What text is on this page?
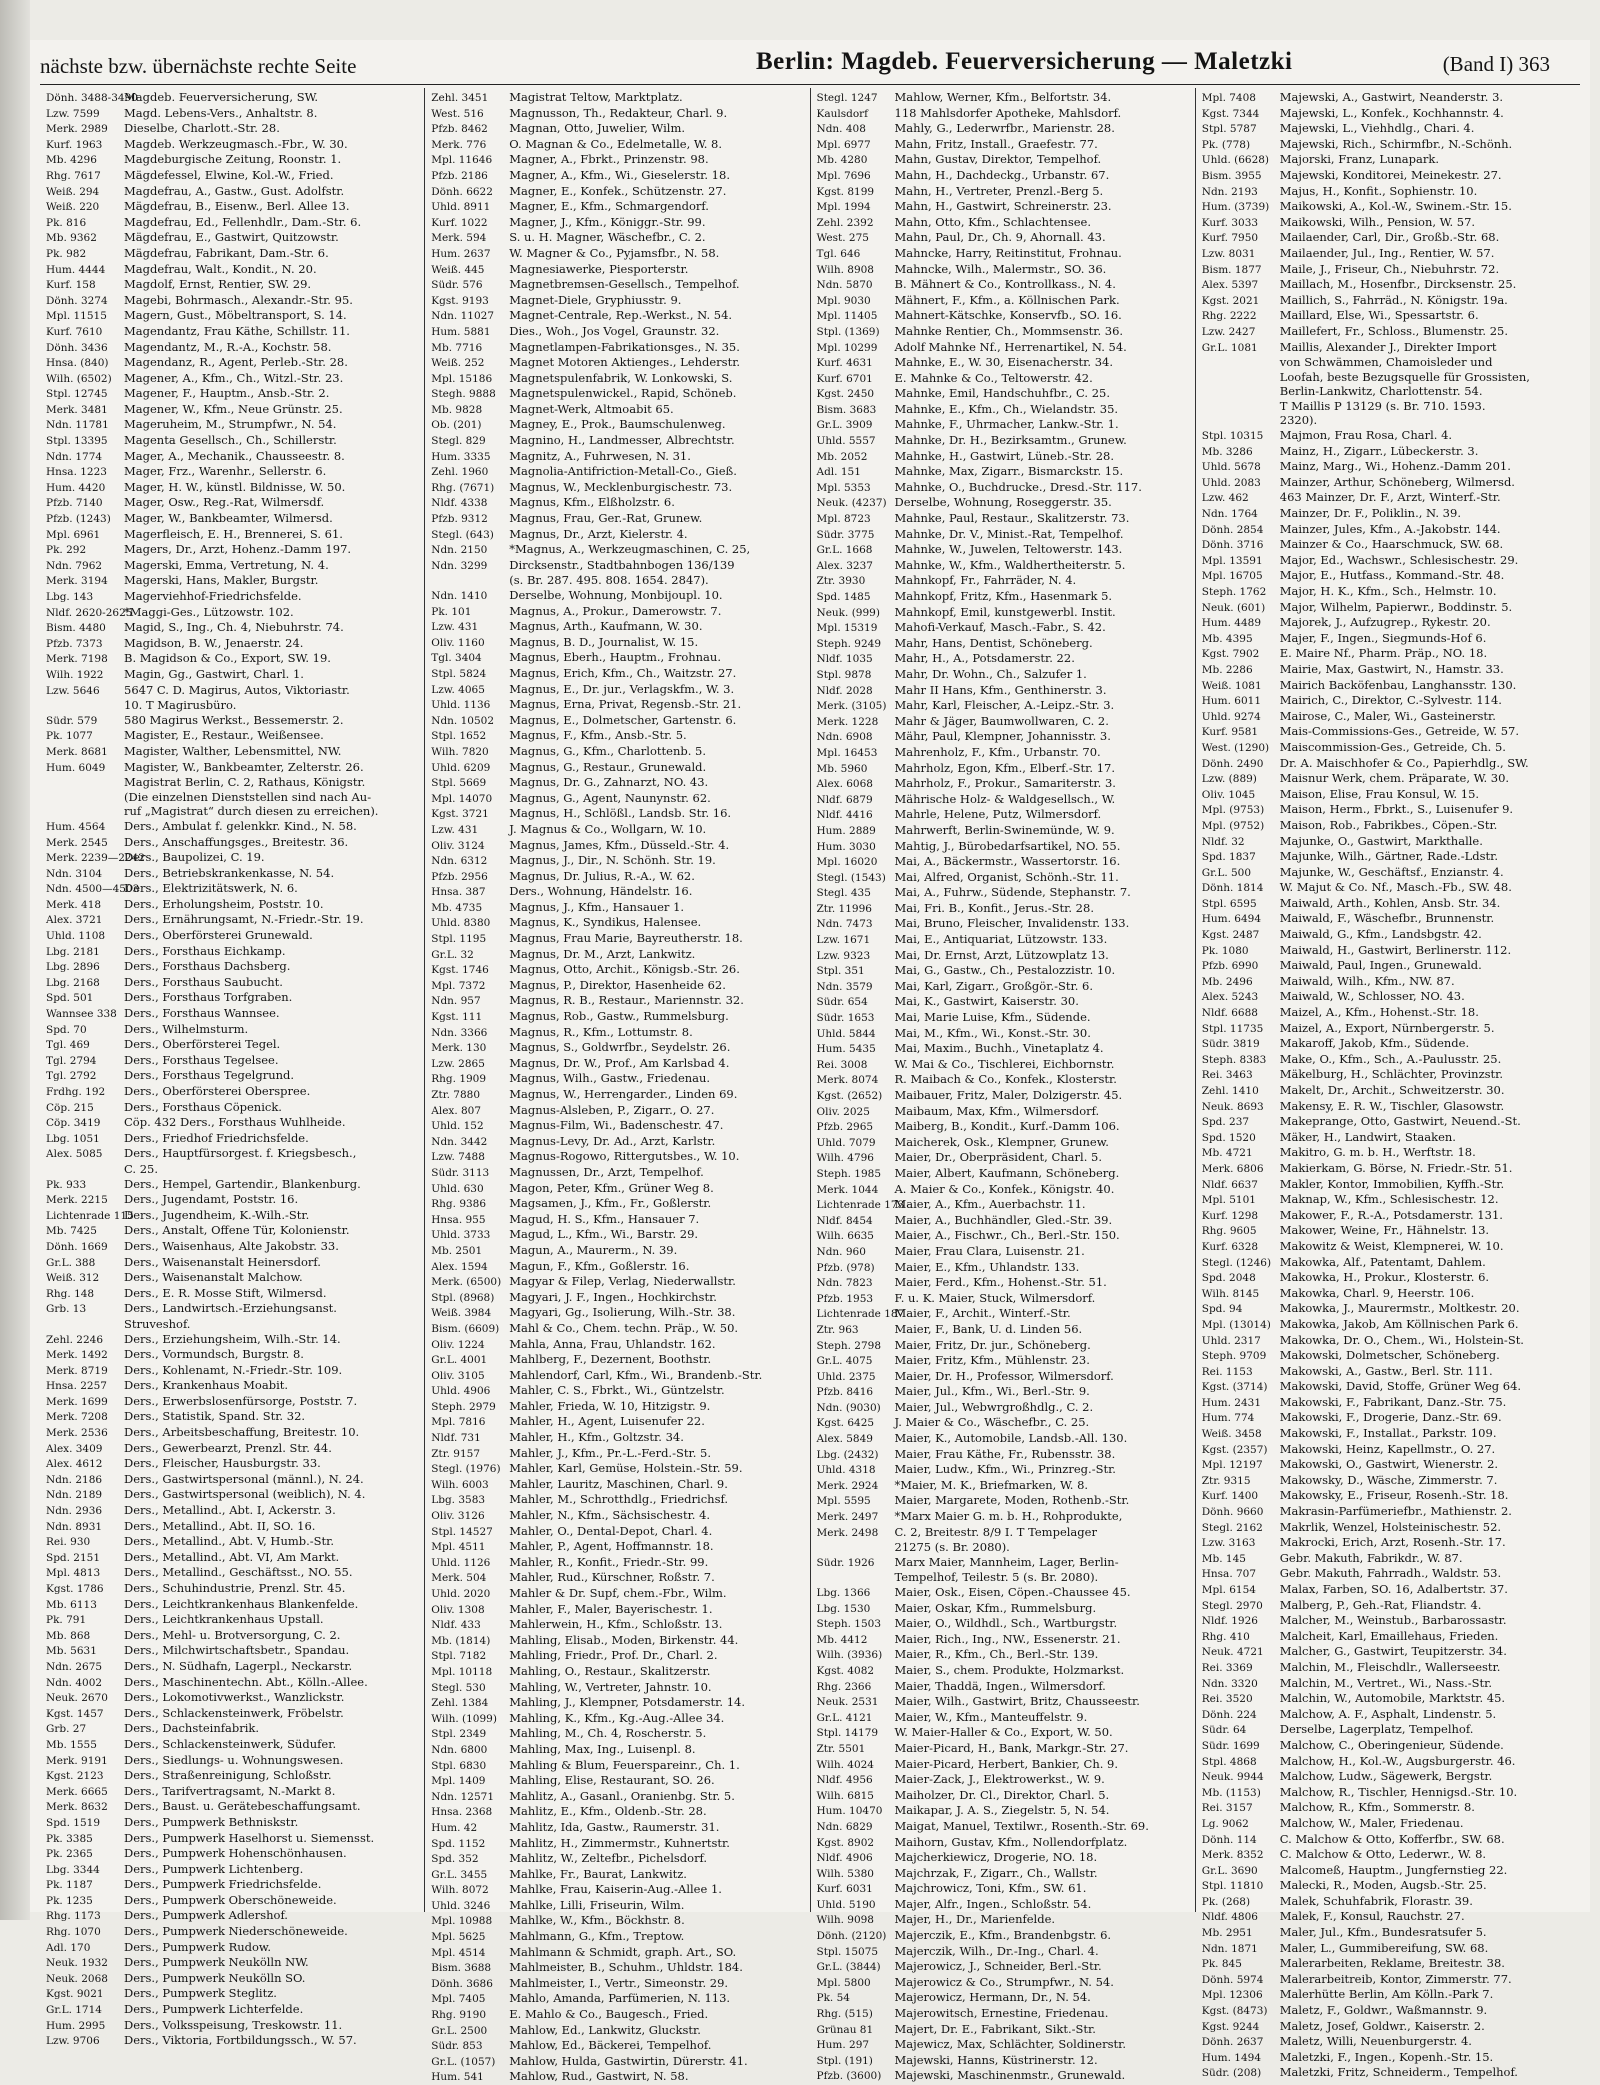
nächste bzw. übernächste rechte Seite	Berlin: Magdeb. Feuerversicherung — Maletzki	(Band I) 363
Dönh. 3488-3490Magdeb. Feuerversicherung, SW.
Lzw. 7599 Magd. Lebens-Vers., Anhaltstr. 8.
Merk. 2989 Dieselbe, Charlott.-Str. 28.
Kurf. 1963 Magdeb. Werkzeugmasch.-Fbr., W. 30.
Mb. 4296 Magdeburgische Zeitung, Roonstr. 1.
Rhg. 7617 Mägdefessel, Elwine, Kol.-W., Fried.
Weiß. 294 Magdefrau, A., Gastw., Gust. Adolfstr.
Weiß. 220 Mägdefrau, B., Eisenw., Berl. Allee 13.
Pk. 816	Magdefrau, Ed., Fellenhdlr., Dam.-Str. 6.
Mb. 9362 Mägdefrau, E., Gastwirt, Quitzowstr.
Pk. 982	Mägdefrau, Fabrikant, Dam.-Str. 6.
Hum. 4444 Magdefrau, Walt., Kondit., N. 20.
Kurf. 158 Magdolf, Ernst, Rentier, SW. 29.
Dönh. 3274 Magebi, Bohrmasch., Alexandr.-Str. 95.
Mpl. 11515 Magern, Gust., Möbeltransport, S. 14.
Kurf. 7610 Magendantz, Frau Käthe, Schillstr. 11.
Dönh. 3436 Magendantz, M., R.-A., Kochstr. 58.
Hnsa. (840) Magendanz, R., Agent, Perleb.-Str. 28.
Wilh. (6502) Magener, A., Kfm., Ch., Witzl.-Str. 23.
Stpl. 12745 Magener, F., Hauptm., Ansb.-Str. 2.
Merk. 3481 Magener, W., Kfm., Neue Grünstr. 25.
Ndn. 11781 Mageruheim, M., Strumpfwr., N. 54.
Stpl. 13395 Magenta Gesellsch., Ch., Schillerstr.
Ndn. 1774 Mager, A., Mechanik., Chausseestr. 8.
Hnsa. 1223 Mager, Frz., Warenhr., Sellerstr. 6.
Hum. 4420 Mager, H. W., künstl. Bildnisse, W. 50.
Pfzb. 7140 Mager, Osw., Reg.-Rat, Wilmersdf.
Pfzb. (1243) Mager, W., Bankbeamter, Wilmersd.
Mpl. 6961 Magerfleisch, E. H., Brennerei, S. 61.
Pk. 292	Magers, Dr., Arzt, Hohenz.-Damm 197.
Ndn. 7962 Magerski, Emma, Vertretung, N. 4.
Merk. 3194 Magerski, Hans, Makler, Burgstr.
Lbg. 143	Magerviehhof-Friedrichsfelde.
Nldf. 2620-2625*Maggi-Ges., Lützowstr. 102.
Bism. 4480 Magid, S., Ing., Ch. 4, Niebuhrstr. 74.
Pfzb. 7373 Magidson, B. W., Jenaerstr. 24.
Merk. 7198 B. Magidson & Co., Export, SW. 19.
Wilh. 1922 Magin, Gg., Gastwirt, Charl. 1.
Lzw. 5646 5647 C. D. Magirus, Autos, Viktoriastr.
10. T Magirusbüro.
Südr. 579 580 Magirus Werkst., Bessemerstr. 2.
Pk. 1077	Magister, E., Restaur., Weißensee.
Merk. 8681 Magister, Walther, Lebensmittel, NW.
Hum. 6049 Magister, W., Bankbeamter, Zelterstr. 26.
Magistrat Berlin, C. 2, Rathaus, Königstr.
(Die einzelnen Dienststellen sind nach Au-
ruf „Magistrat“ durch diesen zu erreichen).
Hum. 4564 Ders., Ambulat f. gelenkkr. Kind., N. 58.
Merk. 2545 Ders., Anschaffungsges., Breitestr. 36.
Merk. 2239—2242Ders., Baupolizei, C. 19.
Ndn. 3104 Ders., Betriebskrankenkasse, N. 54.
Ndn. 4500—4503Ders., Elektrizitätswerk, N. 6.
Merk. 418 Ders., Erholungsheim, Poststr. 10.
Alex. 3721 Ders., Ernährungsamt, N.-Friedr.-Str. 19.
Uhld. 1108 Ders., Oberförsterei Grunewald.
Lbg. 2181 Ders., Forsthaus Eichkamp.
Lbg. 2896 Ders., Forsthaus Dachsberg.
Lbg. 2168 Ders., Forsthaus Saubucht.
Spd. 501	Ders., Forsthaus Torfgraben.
Wannsee 338 Ders., Forsthaus Wannsee.
Spd. 70	Ders., Wilhelmsturm.
Tgl. 469	Ders., Oberförsterei Tegel.
Tgl. 2794 Ders., Forsthaus Tegelsee.
Tgl. 2792 Ders., Forsthaus Tegelgrund.
Frdhg. 192 Ders., Oberförsterei Oberspree.
Cöp. 215	Ders., Forsthaus Cöpenick.
Cöp. 3419 Cöp. 432 Ders., Forsthaus Wuhlheide.
Lbg. 1051 Ders., Friedhof Friedrichsfelde.
Alex. 5085 Ders., Hauptfürsorgest. f. Kriegsbesch.,
C. 25.
Pk. 933	Ders., Hempel, Gartendir., Blankenburg.
Merk. 2215 Ders., Jugendamt, Poststr. 16.
Lichtenrade 115Ders., Jugendheim, K.-Wilh.-Str.
Mb. 7425 Ders., Anstalt, Offene Tür, Kolonienstr.
Dönh. 1669 Ders., Waisenhaus, Alte Jakobstr. 33.
Gr.L. 388 Ders., Waisenanstalt Heinersdorf.
Weiß. 312 Ders., Waisenanstalt Malchow.
Rhg. 148	Ders., E. R. Mosse Stift, Wilmersd.
Grb. 13	Ders., Landwirtsch.-Erziehungsanst.
Struveshof.
Zehl. 2246 Ders., Erziehungsheim, Wilh.-Str. 14.
Merk. 1492 Ders., Vormundsch, Burgstr. 8.
Merk. 8719 Ders., Kohlenamt, N.-Friedr.-Str. 109.
Hnsa. 2257 Ders., Krankenhaus Moabit.
Merk. 1699 Ders., Erwerbslosenfürsorge, Poststr. 7.
Merk. 7208 Ders., Statistik, Spand. Str. 32.
Merk. 2536 Ders., Arbeitsbeschaffung, Breitestr. 10.
Alex. 3409 Ders., Gewerbearzt, Prenzl. Str. 44.
Alex. 4612 Ders., Fleischer, Hausburgstr. 33.
Ndn. 2186 Ders., Gastwirtspersonal (männl.), N. 24.
Ndn. 2189 Ders., Gastwirtspersonal (weiblich), N. 4.
Ndn. 2936 Ders., Metallind., Abt. I, Ackerstr. 3.
Ndn. 8931 Ders., Metallind., Abt. II, SO. 16.
Rei. 930	Ders., Metallind., Abt. V, Humb.-Str.
Spd. 2151 Ders., Metallind., Abt. VI, Am Markt.
Mpl. 4813 Ders., Metallind., Geschäftsst., NO. 55.
Kgst. 1786 Ders., Schuhindustrie, Prenzl. Str. 45.
Mb. 6113 Ders., Leichtkrankenhaus Blankenfelde.
Pk. 791	Ders., Leichtkrankenhaus Upstall.
Mb. 868	Ders., Mehl- u. Brotversorgung, C. 2.
Mb. 5631 Ders., Milchwirtschaftsbetr., Spandau.
Ndn. 2675 Ders., N. Südhafn, Lagerpl., Neckarstr.
Ndn. 4002 Ders., Maschinentechn. Abt., Kölln.-Allee.
Neuk. 2670 Ders., Lokomotivwerkst., Wanzlickstr.
Kgst. 1457 Ders., Schlackensteinwerk, Fröbelstr.
Grb. 27	Ders., Dachsteinfabrik.
Mb. 1555 Ders., Schlackensteinwerk, Südufer.
Merk. 9191 Ders., Siedlungs- u. Wohnungswesen.
Kgst. 2123 Ders., Straßenreinigung, Schloßstr.
Merk. 6665 Ders., Tarifvertragsamt, N.-Markt 8.
Merk. 8632 Ders., Baust. u. Gerätebeschaffungsamt.
Spd. 1519 Ders., Pumpwerk Bethniskstr.
Pk. 3385	Ders., Pumpwerk Haselhorst u. Siemensst.
Pk. 2365	Ders., Pumpwerk Hohenschönhausen.
Lbg. 3344 Ders., Pumpwerk Lichtenberg.
Pk. 1187	Ders., Pumpwerk Friedrichsfelde.
Pk. 1235	Ders., Pumpwerk Oberschöneweide.
Rhg. 1173 Ders., Pumpwerk Adlershof.
Rhg. 1070 Ders., Pumpwerk Niederschöneweide.
Adl. 170	Ders., Pumpwerk Rudow.
Neuk. 1932 Ders., Pumpwerk Neukölln NW.
Neuk. 2068 Ders., Pumpwerk Neukölln SO.
Kgst. 9021 Ders., Pumpwerk Steglitz.
Gr.L. 1714 Ders., Pumpwerk Lichterfelde.
Hum. 2995 Ders., Volksspeisung, Treskowstr. 11.
Lzw. 9706 Ders., Viktoria, Fortbildungssch., W. 57.
Zehl. 3451 Magistrat Teltow, Marktplatz.
West. 516 Magnusson, Th., Redakteur, Charl. 9.
Pfzb. 8462 Magnan, Otto, Juwelier, Wilm.
Merk. 776 O. Magnan & Co., Edelmetalle, W. 8.
Mpl. 11646 Magner, A., Fbrkt., Prinzenstr. 98.
Pfzb. 2186 Magner, A., Kfm., Wi., Gieselerstr. 18.
Dönh. 6622 Magner, E., Konfek., Schützenstr. 27.
Uhld. 8911 Magner, E., Kfm., Schmargendorf.
Kurf. 1022 Magner, J., Kfm., Königgr.-Str. 99.
Merk. 594 S. u. H. Magner, Wäschefbr., C. 2.
Hum. 2637 W. Magner & Co., Pyjamsfbr., N. 58.
Weiß. 445 Magnesiawerke, Piesporterstr.
Südr. 576 Magnetbremsen-Gesellsch., Tempelhof.
Kgst. 9193 Magnet-Diele, Gryphiusstr. 9.
Ndn. 11027 Magnet-Centrale, Rep.-Werkst., N. 54.
Hum. 5881 Dies., Woh., Jos Vogel, Graunstr. 32.
Mb. 7716 Magnetlampen-Fabrikationsges., N. 35.
Weiß. 252 Magnet Motoren Aktienges., Lehderstr.
Mpl. 15186 Magnetspulenfabrik, W. Lonkowski, S.
Stegh. 9888 Magnetspulenwickel., Rapid, Schöneb.
Mb. 9828 Magnet-Werk, Altmoabit 65.
Ob. (201) Magney, E., Prok., Baumschulenweg.
Stegl. 829 Magnino, H., Landmesser, Albrechtstr.
Hum. 3335 Magnitz, A., Fuhrwesen, N. 31.
Zehl. 1960 Magnolia-Antifriction-Metall-Co., Gieß.
Rhg. (7671) Magnus, W., Mecklenburgischestr. 73.
Nldf. 4338 Magnus, Kfm., Elßholzstr. 6.
Pfzb. 9312 Magnus, Frau, Ger.-Rat, Grunew.
Stegl. (643) Magnus, Dr., Arzt, Kielerstr. 4.
Ndn. 2150 *Magnus, A., Werkzeugmaschinen, C. 25,
Ndn. 3299 Dircksenstr., Stadtbahnbogen 136/139
(s. Br. 287. 495. 808. 1654. 2847).
Ndn. 1410 Derselbe, Wohnung, Monbijoupl. 10.
Pk. 101	Magnus, A., Prokur., Damerowstr. 7.
Lzw. 431	Magnus, Arth., Kaufmann, W. 30.
Oliv. 1160 Magnus, B. D., Journalist, W. 15.
Tgl. 3404 Magnus, Eberh., Hauptm., Frohnau.
Stpl. 5824 Magnus, Erich, Kfm., Ch., Waitzstr. 27.
Lzw. 4065 Magnus, E., Dr. jur., Verlagskfm., W. 3.
Uhld. 1136 Magnus, Erna, Privat, Regensb.-Str. 21.
Ndn. 10502 Magnus, E., Dolmetscher, Gartenstr. 6.
Stpl. 1652 Magnus, F., Kfm., Ansb.-Str. 5.
Wilh. 7820 Magnus, G., Kfm., Charlottenb. 5.
Uhld. 6209 Magnus, G., Restaur., Grunewald.
Stpl. 5669 Magnus, Dr. G., Zahnarzt, NO. 43.
Mpl. 14070 Magnus, G., Agent, Naunynstr. 62.
Kgst. 3721 Magnus, H., Schlößl., Landsb. Str. 16.
Lzw. 431	J. Magnus & Co., Wollgarn, W. 10.
Oliv. 3124 Magnus, James, Kfm., Düsseld.-Str. 4.
Ndn. 6312 Magnus, J., Dir., N. Schönh. Str. 19.
Pfzb. 2956 Magnus, Dr. Julius, R.-A., W. 62.
Hnsa. 387 Ders., Wohnung, Händelstr. 16.
Mb. 4735 Magnus, J., Kfm., Hansauer 1.
Uhld. 8380 Magnus, K., Syndikus, Halensee.
Stpl. 1195 Magnus, Frau Marie, Bayreutherstr. 18.
Gr.L. 32	Magnus, Dr. M., Arzt, Lankwitz.
Kgst. 1746 Magnus, Otto, Archit., Königsb.-Str. 26.
Mpl. 7372 Magnus, P., Direktor, Hasenheide 62.
Ndn. 957 Magnus, R. B., Restaur., Mariennstr. 32.
Kgst. 111 Magnus, Rob., Gastw., Rummelsburg.
Ndn. 3366 Magnus, R., Kfm., Lottumstr. 8.
Merk. 130 Magnus, S., Goldwrfbr., Seydelstr. 26.
Lzw. 2865 Magnus, Dr. W., Prof., Am Karlsbad 4.
Rhg. 1909 Magnus, Wilh., Gastw., Friedenau.
Ztr. 7880	Magnus, W., Herrengarder., Linden 69.
Alex. 807 Magnus-Alsleben, P., Zigarr., O. 27.
Uhld. 152 Magnus-Film, Wi., Badenschestr. 47.
Ndn. 3442 Magnus-Levy, Dr. Ad., Arzt, Karlstr.
Lzw. 7488 Magnus-Rogowo, Rittergutsbes., W. 10.
Südr. 3113 Magnussen, Dr., Arzt, Tempelhof.
Uhld. 630 Magon, Peter, Kfm., Grüner Weg 8.
Rhg. 9386 Magsamen, J., Kfm., Fr., Goßlerstr.
Hnsa. 955 Magud, H. S., Kfm., Hansauer 7.
Uhld. 3733 Magud, L., Kfm., Wi., Barstr. 29.
Mb. 2501 Magun, A., Maurerm., N. 39.
Alex. 1594 Magun, F., Kfm., Goßlerstr. 16.
Merk. (6500) Magyar & Filep, Verlag, Niederwallstr.
Stpl. (8968) Magyari, J. F., Ingen., Hochkirchstr.
Weiß. 3984 Magyari, Gg., Isolierung, Wilh.-Str. 38.
Bism. (6609) Mahl & Co., Chem. techn. Präp., W. 50.
Oliv. 1224 Mahla, Anna, Frau, Uhlandstr. 162.
Gr.L. 4001 Mahlberg, F., Dezernent, Boothstr.
Oliv. 3105 Mahlendorf, Carl, Kfm., Wi., Brandenb.-Str.
Uhld. 4906 Mahler, C. S., Fbrkt., Wi., Güntzelstr.
Steph. 2979 Mahler, Frieda, W. 10, Hitzigstr. 9.
Mpl. 7816 Mahler, H., Agent, Luisenufer 22.
Nldf. 731 Mahler, H., Kfm., Goltzstr. 34.
Ztr. 9157	Mahler, J., Kfm., Pr.-L.-Ferd.-Str. 5.
Stegl. (1976) Mahler, Karl, Gemüse, Holstein.-Str. 59.
Wilh. 6003 Mahler, Lauritz, Maschinen, Charl. 9.
Lbg. 3583 Mahler, M., Schrotthdlg., Friedrichsf.
Oliv. 3126 Mahler, N., Kfm., Sächsischestr. 4.
Stpl. 14527 Mahler, O., Dental-Depot, Charl. 4.
Mpl. 4511 Mahler, P., Agent, Hoffmannstr. 18.
Uhld. 1126 Mahler, R., Konfit., Friedr.-Str. 99.
Merk. 504 Mahler, Rud., Kürschner, Roßstr. 7.
Uhld. 2020 Mahler & Dr. Supf, chem.-Fbr., Wilm.
Oliv. 1308 Mahler, F., Maler, Bayerischestr. 1.
Nldf. 433 Mahlerwein, H., Kfm., Schloßstr. 13.
Mb. (1814) Mahling, Elisab., Moden, Birkenstr. 44.
Stpl. 7182 Mahling, Friedr., Prof. Dr., Charl. 2.
Mpl. 10118 Mahling, O., Restaur., Skalitzerstr.
Stegl. 530 Mahling, W., Vertreter, Jahnstr. 10.
Zehl. 1384 Mahling, J., Klempner, Potsdamerstr. 14.
Wilh. (1099) Mahling, K., Kfm., Kg.-Aug.-Allee 34.
Stpl. 2349 Mahling, M., Ch. 4, Roscherstr. 5.
Ndn. 6800 Mahling, Max, Ing., Luisenpl. 8.
Stpl. 6830 Mahling & Blum, Feuerspareinr., Ch. 1.
Mpl. 1409 Mahling, Elise, Restaurant, SO. 26.
Ndn. 12571 Mahlitz, A., Gasanl., Oranienbg. Str. 5.
Hnsa. 2368 Mahlitz, E., Kfm., Oldenb.-Str. 28.
Hum. 42	Mahlitz, Ida, Gastw., Raumerstr. 31.
Spd. 1152 Mahlitz, H., Zimmermstr., Kuhnertstr.
Spd. 352	Mahlitz, W., Zeltefbr., Pichelsdorf.
Gr.L. 3455 Mahlke, Fr., Baurat, Lankwitz.
Wilh. 8072 Mahlke, Frau, Kaiserin-Aug.-Allee 1.
Uhld. 3246 Mahlke, Lilli, Friseurin, Wilm.
Mpl. 10988 Mahlke, W., Kfm., Böckhstr. 8.
Mpl. 5625 Mahlmann, G., Kfm., Treptow.
Mpl. 4514 Mahlmann & Schmidt, graph. Art., SO.
Bism. 3688 Mahlmeister, B., Schuhm., Uhldstr. 184.
Dönh. 3686 Mahlmeister, I., Vertr., Simeonstr. 29.
Mpl. 7405 Mahlo, Amanda, Parfümerien, N. 113.
Rhg. 9190 E. Mahlo & Co., Baugesch., Fried.
Gr.L. 2500 Mahlow, Ed., Lankwitz, Gluckstr.
Südr. 853 Mahlow, Ed., Bäckerei, Tempelhof.
Gr.L. (1057) Mahlow, Hulda, Gastwirtin, Dürerstr. 41.
Hum. 541 Mahlow, Rud., Gastwirt, N. 58.
Stegl. 1247 Mahlow, Werner, Kfm., Belfortstr. 34.
Kaulsdorf 118 Mahlsdorfer Apotheke, Mahlsdorf.
Ndn. 408 Mahly, G., Lederwrfbr., Marienstr. 28.
Mpl. 6977 Mahn, Fritz, Install., Graefestr. 77.
Mb. 4280 Mahn, Gustav, Direktor, Tempelhof.
Mpl. 7696 Mahn, H., Dachdeckg., Urbanstr. 67.
Kgst. 8199 Mahn, H., Vertreter, Prenzl.-Berg 5.
Mpl. 1994 Mahn, H., Gastwirt, Schreinerstr. 23.
Zehl. 2392 Mahn, Otto, Kfm., Schlachtensee.
West. 275 Mahn, Paul, Dr., Ch. 9, Ahornall. 43.
Tgl. 646	Mahncke, Harry, Reitinstitut, Frohnau.
Wilh. 8908 Mahncke, Wilh., Malermstr., SO. 36.
Ndn. 5870 B. Mähnert & Co., Kontrollkass., N. 4.
Mpl. 9030 Mähnert, F., Kfm., a. Köllnischen Park.
Mpl. 11405 Mahnert-Kätschke, Konservfb., SO. 16.
Stpl. (1369) Mahnke Rentier, Ch., Mommsenstr. 36.
Mpl. 10299 Adolf Mahnke Nf., Herrenartikel, N. 54.
Kurf. 4631 Mahnke, E., W. 30, Eisenacherstr. 34.
Kurf. 6701 E. Mahnke & Co., Teltowerstr. 42.
Kgst. 2450 Mahnke, Emil, Handschuhfbr., C. 25.
Bism. 3683 Mahnke, E., Kfm., Ch., Wielandstr. 35.
Gr.L. 3909 Mahnke, F., Uhrmacher, Lankw.-Str. 1.
Uhld. 5557 Mahnke, Dr. H., Bezirksamtm., Grunew.
Mb. 2052 Mahnke, H., Gastwirt, Lüneb.-Str. 28.
Adl. 151	Mahnke, Max, Zigarr., Bismarckstr. 15.
Mpl. 5353 Mahnke, O., Buchdrucke., Dresd.-Str. 117.
Neuk. (4237) Derselbe, Wohnung, Roseggerstr. 35.
Mpl. 8723 Mahnke, Paul, Restaur., Skalitzerstr. 73.
Südr. 3775 Mahnke, Dr. V., Minist.-Rat, Tempelhof.
Gr.L. 1668 Mahnke, W., Juwelen, Teltowerstr. 143.
Alex. 3237 Mahnke, W., Kfm., Waldhertheiterstr. 5.
Ztr. 3930	Mahnkopf, Fr., Fahrräder, N. 4.
Spd. 1485 Mahnkopf, Fritz, Kfm., Hasenmark 5.
Neuk. (999) Mahnkopf, Emil, kunstgewerbl. Instit.
Mpl. 15319 Mahofi-Verkauf, Masch.-Fabr., S. 42.
Steph. 9249 Mahr, Hans, Dentist, Schöneberg.
Nldf. 1035 Mahr, H., A., Potsdamerstr. 22.
Stpl. 9878 Mahr, Dr. Wohn., Ch., Salzufer 1.
Nldf. 2028 Mahr II Hans, Kfm., Genthinerstr. 3.
Merk. (3105) Mahr, Karl, Fleischer, A.-Leipz.-Str. 3.
Merk. 1228 Mahr & Jäger, Baumwollwaren, C. 2.
Ndn. 6908 Mähr, Paul, Klempner, Johannisstr. 3.
Mpl. 16453 Mahrenholz, F., Kfm., Urbanstr. 70.
Mb. 5960 Mahrholz, Egon, Kfm., Elberf.-Str. 17.
Alex. 6068 Mahrholz, F., Prokur., Samariterstr. 3.
Nldf. 6879 Mährische Holz- & Waldgesellsch., W.
Nldf. 4416 Mahrle, Helene, Putz, Wilmersdorf.
Hum. 2889 Mahrwerft, Berlin-Swinemünde, W. 9.
Hum. 3030 Mahtig, J., Bürobedarfsartikel, NO. 55.
Mpl. 16020 Mai, A., Bäckermstr., Wassertorstr. 16.
Stegl. (1543) Mai, Alfred, Organist, Schönh.-Str. 11.
Stegl. 435 Mai, A., Fuhrw., Südende, Stephanstr. 7.
Ztr. 11996 Mai, Fri. B., Konfit., Jerus.-Str. 28.
Ndn. 7473 Mai, Bruno, Fleischer, Invalidenstr. 133.
Lzw. 1671 Mai, E., Antiquariat, Lützowstr. 133.
Lzw. 9323 Mai, Dr. Ernst, Arzt, Lützowplatz 13.
Stpl. 351	Mai, G., Gastw., Ch., Pestalozzistr. 10.
Ndn. 3579 Mai, Karl, Zigarr., Großgör.-Str. 6.
Südr. 654 Mai, K., Gastwirt, Kaiserstr. 30.
Südr. 1653 Mai, Marie Luise, Kfm., Südende.
Uhld. 5844 Mai, M., Kfm., Wi., Konst.-Str. 30.
Hum. 5435 Mai, Maxim., Buchh., Vinetaplatz 4.
Rei. 3008 W. Mai & Co., Tischlerei, Eichbornstr.
Merk. 8074 R. Maibach & Co., Konfek., Klosterstr.
Kgst. (2652) Maibauer, Fritz, Maler, Dolzigerstr. 45.
Oliv. 2025 Maibaum, Max, Kfm., Wilmersdorf.
Pfzb. 2965 Maiberg, B., Kondit., Kurf.-Damm 106.
Uhld. 7079 Maicherek, Osk., Klempner, Grunew.
Wilh. 4796 Maier, Dr., Oberpräsident, Charl. 5.
Steph. 1985 Maier, Albert, Kaufmann, Schöneberg.
Merk. 1044 A. Maier & Co., Konfek., Königstr. 40.
Lichtenrade 173Maier, A., Kfm., Auerbachstr. 11.
Nldf. 8454 Maier, A., Buchhändler, Gled.-Str. 39.
Wilh. 6635 Maier, A., Fischwr., Ch., Berl.-Str. 150.
Ndn. 960 Maier, Frau Clara, Luisenstr. 21.
Pfzb. (978) Maier, E., Kfm., Uhlandstr. 133.
Ndn. 7823 Maier, Ferd., Kfm., Hohenst.-Str. 51.
Pfzb. 1953 F. u. K. Maier, Stuck, Wilmersdorf.
Lichtenrade 187Maier, F., Archit., Winterf.-Str.
Ztr. 963	Maier, F., Bank, U. d. Linden 56.
Steph. 2798 Maier, Fritz, Dr. jur., Schöneberg.
Gr.L. 4075 Maier, Fritz, Kfm., Mühlenstr. 23.
Uhld. 2375 Maier, Dr. H., Professor, Wilmersdorf.
Pfzb. 8416 Maier, Jul., Kfm., Wi., Berl.-Str. 9.
Ndn. (9030) Maier, Jul., Webwrgroßhdlg., C. 2.
Kgst. 6425 J. Maier & Co., Wäschefbr., C. 25.
Alex. 5849 Maier, K., Automobile, Landsb.-All. 130.
Lbg. (2432) Maier, Frau Käthe, Fr., Rubensstr. 38.
Uhld. 4318 Maier, Ludw., Kfm., Wi., Prinzreg.-Str.
Merk. 2924 *Maier, M. K., Briefmarken, W. 8.
Mpl. 5595 Maier, Margarete, Moden, Rothenb.-Str.
Merk. 2497 *Marx Maier G. m. b. H., Rohprodukte,
Merk. 2498 C. 2, Breitestr. 8/9 I. T Tempelager
21275 (s. Br. 2080).
Südr. 1926 Marx Maier, Mannheim, Lager, Berlin-
Tempelhof, Teilestr. 5 (s. Br. 2080).
Lbg. 1366 Maier, Osk., Eisen, Cöpen.-Chaussee 45.
Lbg. 1530 Maier, Oskar, Kfm., Rummelsburg.
Steph. 1503 Maier, O., Wildhdl., Sch., Wartburgstr.
Mb. 4412 Maier, Rich., Ing., NW., Essenerstr. 21.
Wilh. (3936) Maier, R., Kfm., Ch., Berl.-Str. 139.
Kgst. 4082 Maier, S., chem. Produkte, Holzmarkst.
Rhg. 2366 Maier, Thaddä, Ingen., Wilmersdorf.
Neuk. 2531 Maier, Wilh., Gastwirt, Britz, Chausseestr.
Gr.L. 4121 Maier, W., Kfm., Manteuffelstr. 9.
Stpl. 14179 W. Maier-Haller & Co., Export, W. 50.
Ztr. 5501	Maier-Picard, H., Bank, Markgr.-Str. 27.
Wilh. 4024 Maier-Picard, Herbert, Bankier, Ch. 9.
Nldf. 4956 Maier-Zack, J., Elektrowerkst., W. 9.
Wilh. 6815 Maiholzer, Dr. Cl., Direktor, Charl. 5.
Hum. 10470 Maikapar, J. A. S., Ziegelstr. 5, N. 54.
Ndn. 6829 Maigat, Manuel, Textilwr., Rosenth.-Str. 69.
Kgst. 8902 Maihorn, Gustav, Kfm., Nollendorfplatz.
Nldf. 4906 Majcherkiewicz, Drogerie, NO. 18.
Wilh. 5380 Majchrzak, F., Zigarr., Ch., Wallstr.
Kurf. 6031 Majchrowicz, Toni, Kfm., SW. 61.
Uhld. 5190 Majer, Alfr., Ingen., Schloßstr. 54.
Wilh. 9098 Majer, H., Dr., Marienfelde.
Dönh. (2120) Majerczik, E., Kfm., Brandenbgstr. 6.
Stpl. 15075 Majerczik, Wilh., Dr.-Ing., Charl. 4.
Gr.L. (3844) Majerowicz, J., Schneider, Berl.-Str.
Mpl. 5800 Majerowicz & Co., Strumpfwr., N. 54.
Pk. 54	Majerowicz, Hermann, Dr., N. 54.
Rhg. (515) Majerowitsch, Ernestine, Friedenau.
Grünau 81 Majert, Dr. E., Fabrikant, Sikt.-Str.
Hum. 297 Majewicz, Max, Schlächter, Soldinerstr.
Stpl. (191) Majewski, Hanns, Küstrinerstr. 12.
Pfzb. (3600) Majewski, Maschinenmstr., Grunewald.
Mpl. 7408 Majewski, A., Gastwirt, Neanderstr. 3.
Kgst. 7344 Majewski, L., Konfek., Kochhannstr. 4.
Stpl. 5787 Majewski, L., Viehhdlg., Chari. 4.
Pk. (778)	Majewski, Rich., Schirmfbr., N.-Schönh.
Uhld. (6628) Majorski, Franz, Lunapark.
Bism. 3955 Majewski, Konditorei, Meinekestr. 27.
Ndn. 2193 Majus, H., Konfit., Sophienstr. 10.
Hum. (3739) Maikowski, A., Kol.-W., Swinem.-Str. 15.
Kurf. 3033 Maikowski, Wilh., Pension, W. 57.
Kurf. 7950 Mailaender, Carl, Dir., Großb.-Str. 68.
Lzw. 8031 Mailaender, Jul., Ing., Rentier, W. 57.
Bism. 1877 Maile, J., Friseur, Ch., Niebuhrstr. 72.
Alex. 5397 Maillach, M., Hosenfbr., Dircksenstr. 25.
Kgst. 2021 Maillich, S., Fahrräd., N. Königstr. 19a.
Rhg. 2222 Maillard, Else, Wi., Spessartstr. 6.
Lzw. 2427 Maillefert, Fr., Schloss., Blumenstr. 25.
Gr.L. 1081 Maillis, Alexander J., Direkter Import
von Schwämmen, Chamoisleder und
Loofah, beste Bezugsquelle für Grossisten,
Berlin-Lankwitz, Charlottenstr. 54.
T Maillis P 13129 (s. Br. 710. 1593.
2320).
Stpl. 10315 Majmon, Frau Rosa, Charl. 4.
Mb. 3286 Mainz, H., Zigarr., Lübeckerstr. 3.
Uhld. 5678 Mainz, Marg., Wi., Hohenz.-Damm 201.
Uhld. 2083 Mainzer, Arthur, Schöneberg, Wilmersd.
Lzw. 462	463 Mainzer, Dr. F., Arzt, Winterf.-Str.
Ndn. 1764 Mainzer, Dr. F., Poliklin., N. 39.
Dönh. 2854 Mainzer, Jules, Kfm., A.-Jakobstr. 144.
Dönh. 3716 Mainzer & Co., Haarschmuck, SW. 68.
Mpl. 13591 Major, Ed., Wachswr., Schlesischestr. 29.
Mpl. 16705 Major, E., Hutfass., Kommand.-Str. 48.
Steph. 1762 Major, H. K., Kfm., Sch., Helmstr. 10.
Neuk. (601) Major, Wilhelm, Papierwr., Boddinstr. 5.
Hum. 4489 Majorek, J., Aufzugrep., Rykestr. 20.
Mb. 4395 Majer, F., Ingen., Siegmunds-Hof 6.
Kgst. 7902 E. Maire Nf., Pharm. Präp., NO. 18.
Mb. 2286 Mairie, Max, Gastwirt, N., Hamstr. 33.
Weiß. 1081 Mairich Backöfenbau, Langhansstr. 130.
Hum. 6011 Mairich, C., Direktor, C.-Sylvestr. 114.
Uhld. 9274 Mairose, C., Maler, Wi., Gasteinerstr.
Kurf. 9581 Mais-Commissions-Ges., Getreide, W. 57.
West. (1290) Maiscommission-Ges., Getreide, Ch. 5.
Dönh. 2490 Dr. A. Maischhofer & Co., Papierhdlg., SW.
Lzw. (889) Maisnur Werk, chem. Präparate, W. 30.
Oliv. 1045 Maison, Elise, Frau Konsul, W. 15.
Mpl. (9753) Maison, Herm., Fbrkt., S., Luisenufer 9.
Mpl. (9752) Maison, Rob., Fabrikbes., Cöpen.-Str.
Nldf. 32	Majunke, O., Gastwirt, Markthalle.
Spd. 1837 Majunke, Wilh., Gärtner, Rade.-Ldstr.
Gr.L. 500 Majunke, W., Geschäftsf., Enzianstr. 4.
Dönh. 1814 W. Majut & Co. Nf., Masch.-Fb., SW. 48.
Stpl. 6595 Maiwald, Arth., Kohlen, Ansb. Str. 34.
Hum. 6494 Maiwald, F., Wäschefbr., Brunnenstr.
Kgst. 2487 Maiwald, G., Kfm., Landsbgstr. 42.
Pk. 1080	Maiwald, H., Gastwirt, Berlinerstr. 112.
Pfzb. 6990 Maiwald, Paul, Ingen., Grunewald.
Mb. 2496 Maiwald, Wilh., Kfm., NW. 87.
Alex. 5243 Maiwald, W., Schlosser, NO. 43.
Nldf. 6688 Maizel, A., Kfm., Hohenst.-Str. 18.
Stpl. 11735 Maizel, A., Export, Nürnbergerstr. 5.
Südr. 3819 Makaroff, Jakob, Kfm., Südende.
Steph. 8383 Make, O., Kfm., Sch., A.-Paulusstr. 25.
Rei. 3463 Mäkelburg, H., Schlächter, Provinzstr.
Zehl. 1410 Makelt, Dr., Archit., Schweitzerstr. 30.
Neuk. 8693 Makensy, E. R. W., Tischler, Glasowstr.
Spd. 237	Makeprange, Otto, Gastwirt, Neuend.-St.
Spd. 1520 Mäker, H., Landwirt, Staaken.
Mb. 4721 Makitro, G. m. b. H., Werftstr. 18.
Merk. 6806 Makierkam, G. Börse, N. Friedr.-Str. 51.
Nldf. 6637 Makler, Kontor, Immobilien, Kyffh.-Str.
Mpl. 5101 Maknap, W., Kfm., Schlesischestr. 12.
Kurf. 1298 Makower, F., R.-A., Potsdamerstr. 131.
Rhg. 9605 Makower, Weine, Fr., Hähnelstr. 13.
Kurf. 6328 Makowitz & Weist, Klempnerei, W. 10.
Stegl. (1246) Makowka, Alf., Patentamt, Dahlem.
Spd. 2048 Makowka, H., Prokur., Klosterstr. 6.
Wilh. 8145 Makowka, Charl. 9, Heerstr. 106.
Spd. 94	Makowka, J., Maurermstr., Moltkestr. 20.
Mpl. (13014) Makowka, Jakob, Am Köllnischen Park 6.
Uhld. 2317 Makowka, Dr. O., Chem., Wi., Holstein-St.
Steph. 9709 Makowski, Dolmetscher, Schöneberg.
Rei. 1153 Makowski, A., Gastw., Berl. Str. 111.
Kgst. (3714) Makowski, David, Stoffe, Grüner Weg 64.
Hum. 2431 Makowski, F., Fabrikant, Danz.-Str. 75.
Hum. 774 Makowski, F., Drogerie, Danz.-Str. 69.
Weiß. 3458 Makowski, F., Installat., Parkstr. 109.
Kgst. (2357) Makowski, Heinz, Kapellmstr., O. 27.
Mpl. 12197 Makowski, O., Gastwirt, Wienerstr. 2.
Ztr. 9315	Makowsky, D., Wäsche, Zimmerstr. 7.
Kurf. 1400 Makowsky, E., Friseur, Rosenh.-Str. 18.
Dönh. 9660 Makrasin-Parfümeriefbr., Mathienstr. 2.
Stegl. 2162 Makrlik, Wenzel, Holsteinischestr. 52.
Lzw. 3163 Makrocki, Erich, Arzt, Rosenh.-Str. 17.
Mb. 145	Gebr. Makuth, Fabrikdr., W. 87.
Hnsa. 707 Gebr. Makuth, Fahrradh., Waldstr. 53.
Mpl. 6154 Malax, Farben, SO. 16, Adalbertstr. 37.
Stegl. 2970 Malberg, P., Geh.-Rat, Fliandstr. 4.
Nldf. 1926 Malcher, M., Weinstub., Barbarossastr.
Rhg. 410	Malcheit, Karl, Emaillehaus, Frieden.
Neuk. 4721 Malcher, G., Gastwirt, Teupitzerstr. 34.
Rei. 3369 Malchin, M., Fleischdlr., Wallerseestr.
Ndn. 3320 Malchin, M., Vertret., Wi., Nass.-Str.
Rei. 3520 Malchin, W., Automobile, Marktstr. 45.
Dönh. 224 Malchow, A. F., Asphalt, Lindenstr. 5.
Südr. 64	Derselbe, Lagerplatz, Tempelhof.
Südr. 1699 Malchow, C., Oberingenieur, Südende.
Stpl. 4868 Malchow, H., Kol.-W., Augsburgerstr. 46.
Neuk. 9944 Malchow, Ludw., Sägewerk, Bergstr.
Mb. (1153) Malchow, R., Tischler, Hennigsd.-Str. 10.
Rei. 3157 Malchow, R., Kfm., Sommerstr. 8.
Lg. 9062	Malchow, W., Maler, Friedenau.
Dönh. 114 C. Malchow & Otto, Kofferfbr., SW. 68.
Merk. 8352 C. Malchow & Otto, Lederwr., W. 8.
Gr.L. 3690 Malcomeß, Hauptm., Jungfernstieg 22.
Stpl. 11810 Malecki, R., Moden, Augsb.-Str. 25.
Pk. (268)	Malek, Schuhfabrik, Florastr. 39.
Nldf. 4806 Malek, F., Konsul, Rauchstr. 27.
Mb. 2951 Maler, Jul., Kfm., Bundesratsufer 5.
Ndn. 1871 Maler, L., Gummibereifung, SW. 68.
Pk. 845	Malerarbeiten, Reklame, Breitestr. 38.
Dönh. 5974 Malerarbeitreib, Kontor, Zimmerstr. 77.
Mpl. 12306 Malerhütte Berlin, Am Kölln.-Park 7.
Kgst. (8473) Maletz, F., Goldwr., Waßmannstr. 9.
Kgst. 9244 Maletz, Josef, Goldwr., Kaiserstr. 2.
Dönh. 2637 Maletz, Willi, Neuenburgerstr. 4.
Hum. 1494 Maletzki, F., Ingen., Kopenh.-Str. 15.
Südr. (208) Maletzki, Fritz, Schneiderm., Tempelhof.
